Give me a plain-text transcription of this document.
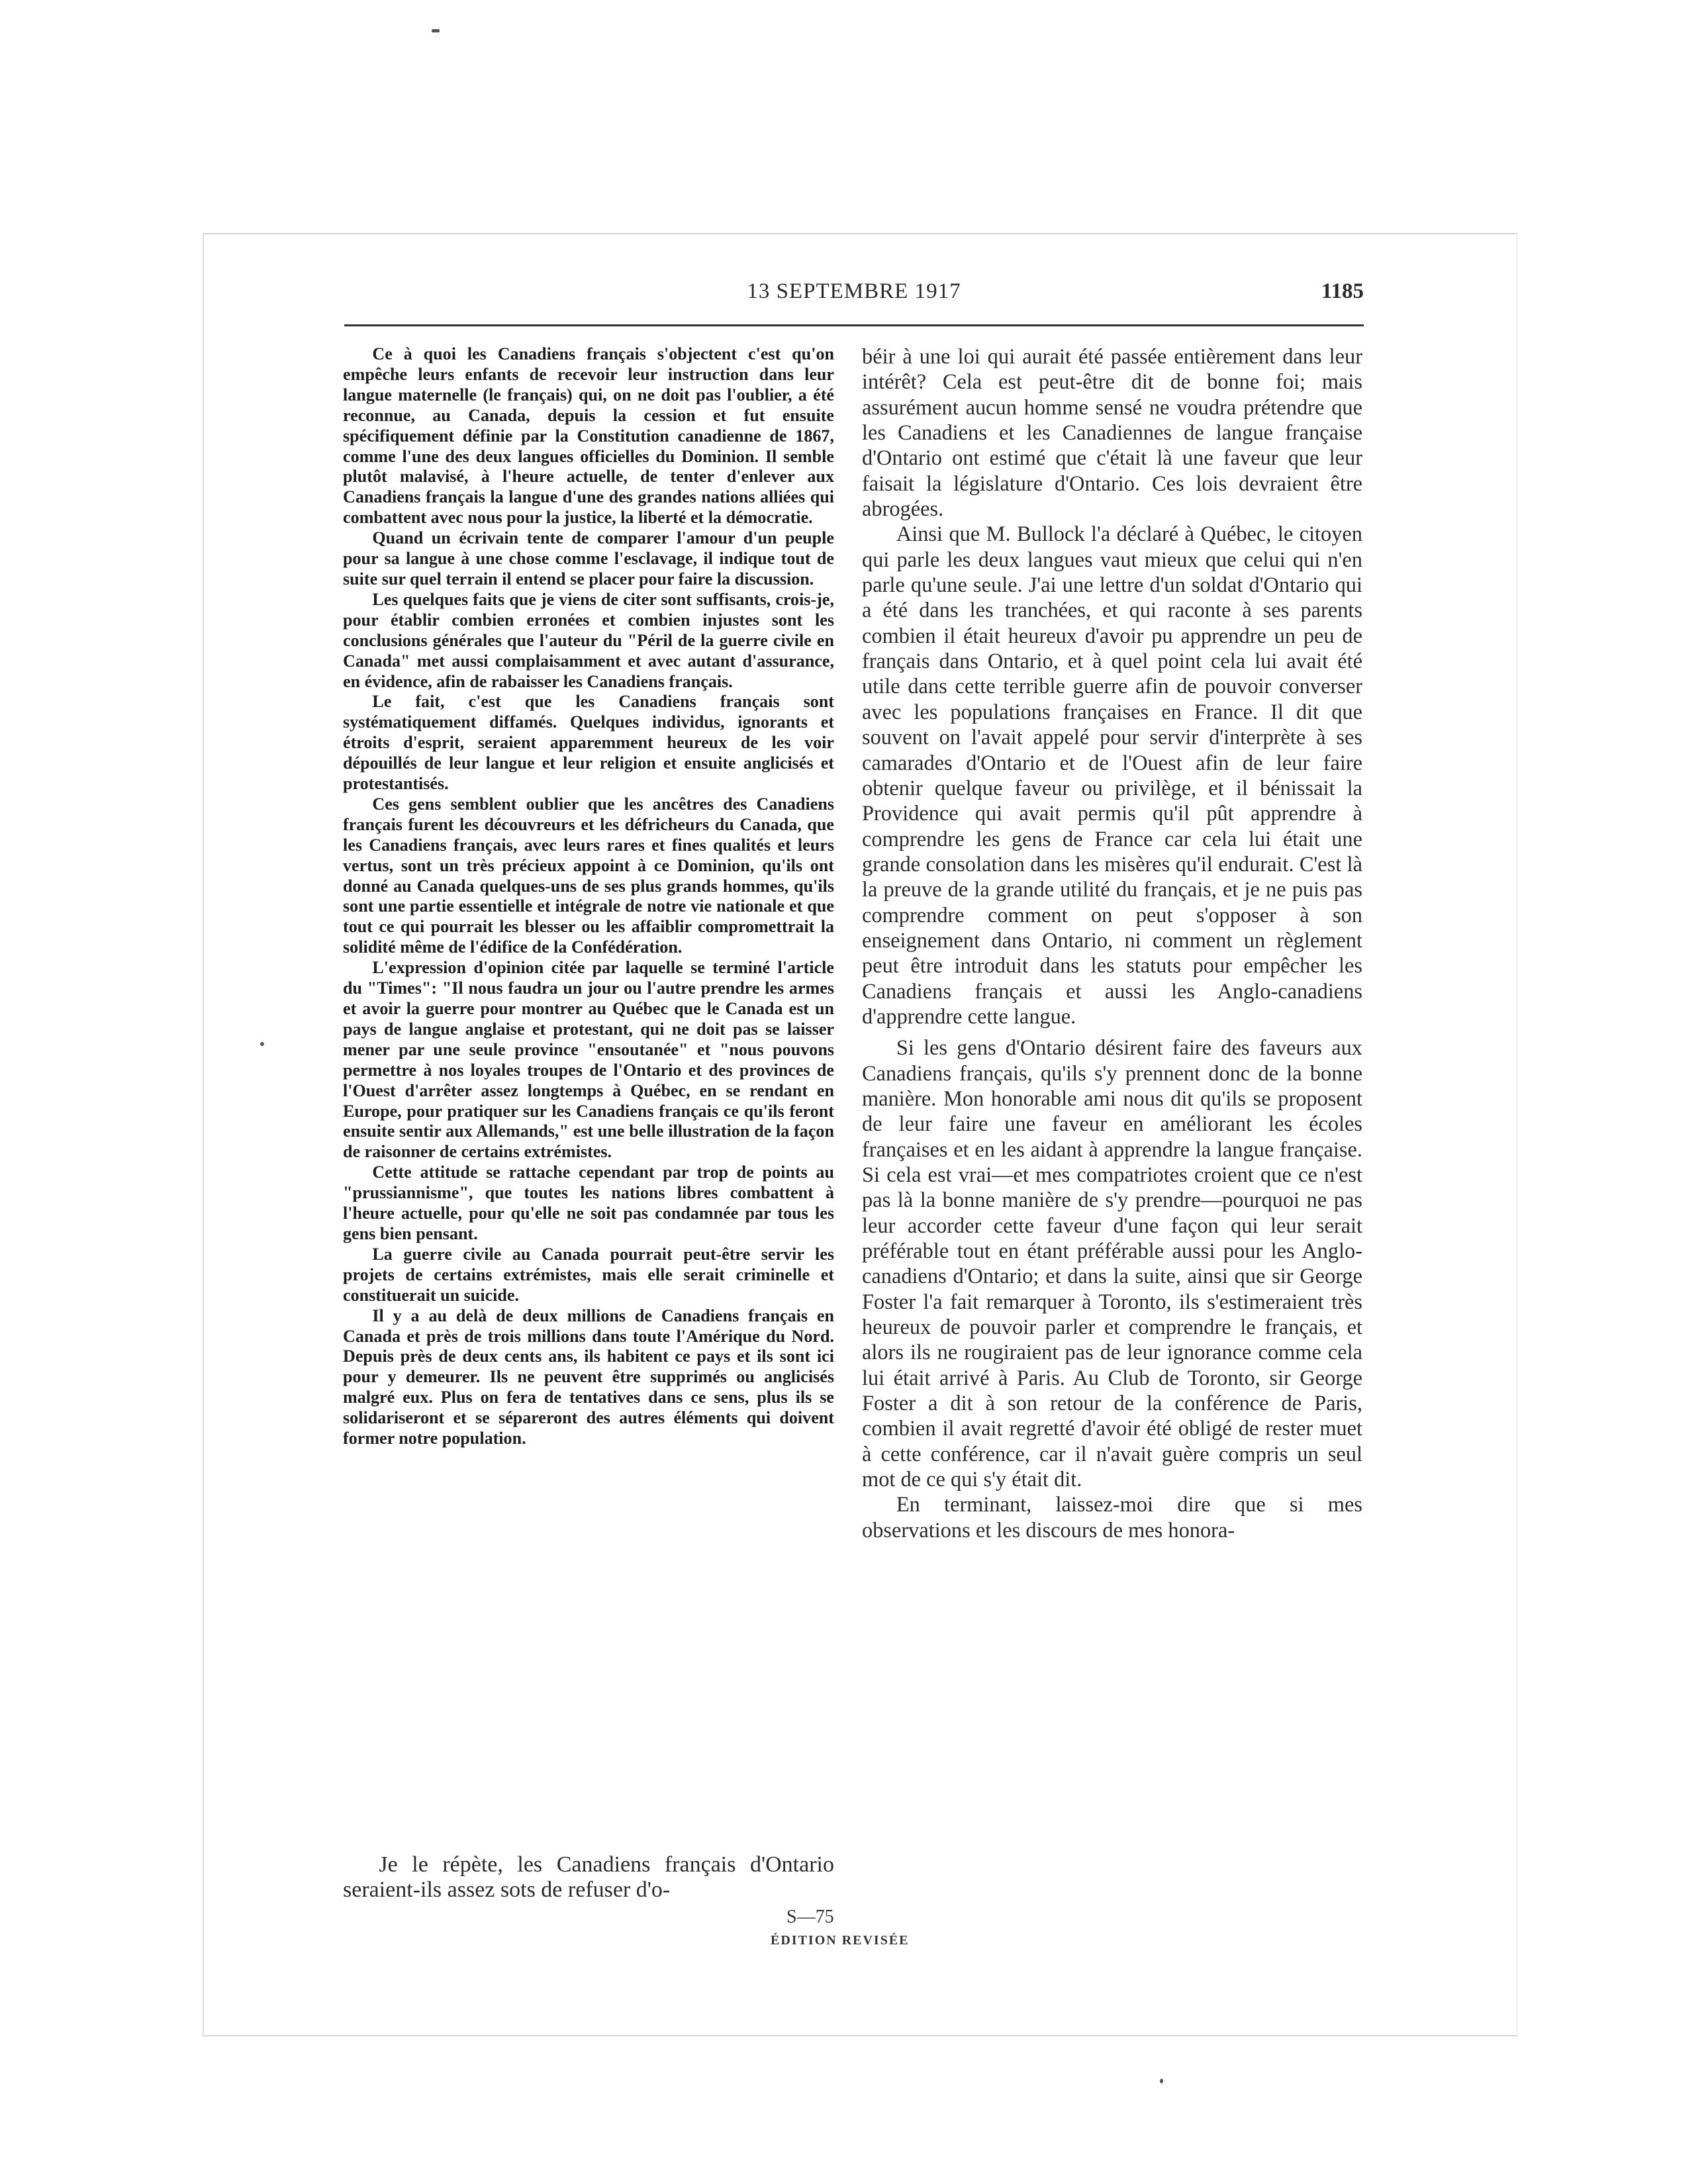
13 SEPTEMBRE 1917	1185

Ce à quoi les Canadiens français s'objectent c'est qu'on empêche leurs enfants de recevoir leur instruction dans leur langue maternelle (le français) qui, on ne doit pas l'oublier, a été reconnue, au Canada, depuis la cession et fut ensuite spécifiquement définie par la Constitution canadienne de 1867, comme l'une des deux langues officielles du Dominion. Il semble plutôt malavisé, à l'heure actuelle, de tenter d'enlever aux Canadiens français la langue d'une des grandes nations alliées qui combattent avec nous pour la justice, la liberté et la démocratie.

Quand un écrivain tente de comparer l'amour d'un peuple pour sa langue à une chose comme l'esclavage, il indique tout de suite sur quel terrain il entend se placer pour faire la discussion.

Les quelques faits que je viens de citer sont suffisants, crois-je, pour établir combien erronées et combien injustes sont les conclusions générales que l'auteur du "Péril de la guerre civile en Canada" met aussi complaisamment et avec autant d'assurance, en évidence, afin de rabaisser les Canadiens français.

Le fait, c'est que les Canadiens français sont systématiquement diffamés. Quelques individus, ignorants et étroits d'esprit, seraient apparemment heureux de les voir dépouillés de leur langue et leur religion et ensuite anglicisés et protestantisés.

Ces gens semblent oublier que les ancêtres des Canadiens français furent les découvreurs et les défricheurs du Canada, que les Canadiens français, avec leurs rares et fines qualités et leurs vertus, sont un très précieux appoint à ce Dominion, qu'ils ont donné au Canada quelques-uns de ses plus grands hommes, qu'ils sont une partie essentielle et intégrale de notre vie nationale et que tout ce qui pourrait les blesser ou les affaiblir compromettrait la solidité même de l'édifice de la Confédération.

L'expression d'opinion citée par laquelle se terminé l'article du "Times": "Il nous faudra un jour ou l'autre prendre les armes et avoir la guerre pour montrer au Québec que le Canada est un pays de langue anglaise et protestant, qui ne doit pas se laisser mener par une seule province "ensoutanée" et "nous pouvons permettre à nos loyales troupes de l'Ontario et des provinces de l'Ouest d'arrêter assez longtemps à Québec, en se rendant en Europe, pour pratiquer sur les Canadiens français ce qu'ils feront ensuite sentir aux Allemands," est une belle illustration de la façon de raisonner de certains extrémistes.

Cette attitude se rattache cependant par trop de points au "prussiannisme", que toutes les nations libres combattent à l'heure actuelle, pour qu'elle ne soit pas condamnée par tous les gens bien pensant.

La guerre civile au Canada pourrait peut-être servir les projets de certains extrémistes, mais elle serait criminelle et constituerait un suicide.

Il y a au delà de deux millions de Canadiens français en Canada et près de trois millions dans toute l'Amérique du Nord. Depuis près de deux cents ans, ils habitent ce pays et ils sont ici pour y demeurer. Ils ne peuvent être supprimés ou anglicisés malgré eux. Plus on fera de tentatives dans ce sens, plus ils se solidariseront et se sépareront des autres éléments qui doivent former notre population.

Je le répète, les Canadiens français d'Ontario seraient-ils assez sots de refuser d'o-

béir à une loi qui aurait été passée entièrement dans leur intérêt? Cela est peut-être dit de bonne foi; mais assurément aucun homme sensé ne voudra prétendre que les Canadiens et les Canadiennes de langue française d'Ontario ont estimé que c'était là une faveur que leur faisait la législature d'Ontario. Ces lois devraient être abrogées.

Ainsi que M. Bullock l'a déclaré à Québec, le citoyen qui parle les deux langues vaut mieux que celui qui n'en parle qu'une seule. J'ai une lettre d'un soldat d'Ontario qui a été dans les tranchées, et qui raconte à ses parents combien il était heureux d'avoir pu apprendre un peu de français dans Ontario, et à quel point cela lui avait été utile dans cette terrible guerre afin de pouvoir converser avec les populations françaises en France. Il dit que souvent on l'avait appelé pour servir d'interprète à ses camarades d'Ontario et de l'Ouest afin de leur faire obtenir quelque faveur ou privilège, et il bénissait la Providence qui avait permis qu'il pût apprendre à comprendre les gens de France car cela lui était une grande consolation dans les misères qu'il endurait. C'est là la preuve de la grande utilité du français, et je ne puis pas comprendre comment on peut s'opposer à son enseignement dans Ontario, ni comment un règlement peut être introduit dans les statuts pour empêcher les Canadiens français et aussi les Anglo-canadiens d'apprendre cette langue.

Si les gens d'Ontario désirent faire des faveurs aux Canadiens français, qu'ils s'y prennent donc de la bonne manière. Mon honorable ami nous dit qu'ils se proposent de leur faire une faveur en améliorant les écoles françaises et en les aidant à apprendre la langue française. Si cela est vrai—et mes compatriotes croient que ce n'est pas là la bonne manière de s'y prendre—pourquoi ne pas leur accorder cette faveur d'une façon qui leur serait préférable tout en étant préférable aussi pour les Anglo-canadiens d'Ontario; et dans la suite, ainsi que sir George Foster l'a fait remarquer à Toronto, ils s'estimeraient très heureux de pouvoir parler et comprendre le français, et alors ils ne rougiraient pas de leur ignorance comme cela lui était arrivé à Paris. Au Club de Toronto, sir George Foster a dit à son retour de la conférence de Paris, combien il avait regretté d'avoir été obligé de rester muet à cette conférence, car il n'avait guère compris un seul mot de ce qui s'y était dit.

En terminant, laissez-moi dire que si mes observations et les discours de mes honora-

S—75
ÉDITION REVISÉE
